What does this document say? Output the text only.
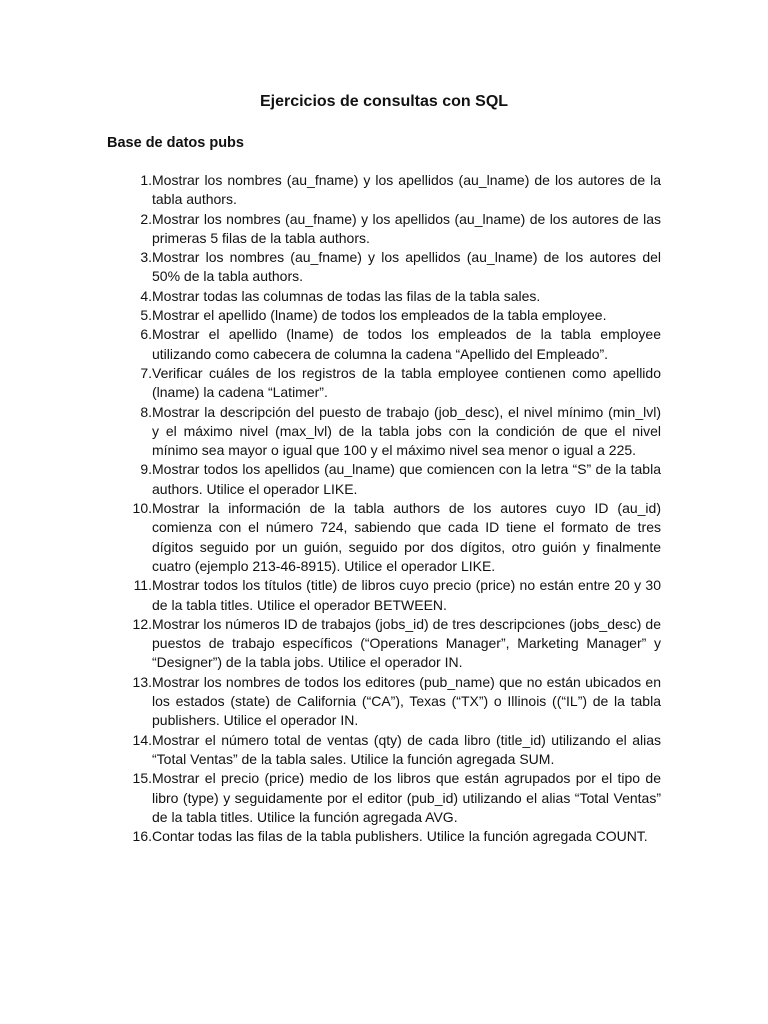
Ejercicios de consultas con SQL
Base de datos pubs
1. Mostrar los nombres (au_fname) y los apellidos (au_lname) de los autores de la tabla authors.
2. Mostrar los nombres (au_fname) y los apellidos (au_lname) de los autores de las primeras 5 filas de la tabla authors.
3. Mostrar los nombres (au_fname) y los apellidos (au_lname) de los autores del 50% de la tabla authors.
4. Mostrar todas las columnas de todas las filas de la tabla sales.
5. Mostrar el apellido (lname) de todos los empleados de la tabla employee.
6. Mostrar el apellido (lname) de todos los empleados de la tabla employee utilizando como cabecera de columna la cadena “Apellido del Empleado”.
7. Verificar cuáles de los registros de la tabla employee contienen como apellido (lname) la cadena “Latimer”.
8. Mostrar la descripción del puesto de trabajo (job_desc), el nivel mínimo (min_lvl) y el máximo nivel (max_lvl) de la tabla jobs con la condición de que el nivel mínimo sea mayor o igual que 100 y el máximo nivel sea menor o igual a 225.
9. Mostrar todos los apellidos (au_lname) que comiencen con la letra “S” de la tabla authors. Utilice el operador LIKE.
10. Mostrar la información de la tabla authors de los autores cuyo ID (au_id) comienza con el número 724, sabiendo que cada ID tiene el formato de tres dígitos seguido por un guión, seguido por dos dígitos, otro guión y finalmente cuatro (ejemplo 213-46-8915). Utilice el operador LIKE.
11. Mostrar todos los títulos (title) de libros cuyo precio (price) no están entre 20 y 30 de la tabla titles. Utilice el operador BETWEEN.
12. Mostrar los números ID de trabajos (jobs_id) de tres descripciones (jobs_desc) de puestos de trabajo específicos (“Operations Manager”, Marketing Manager” y “Designer”) de la tabla jobs. Utilice el operador IN.
13. Mostrar los nombres de todos los editores (pub_name) que no están ubicados en los estados (state) de California (“CA”), Texas (“TX”) o Illinois ((“IL”) de la tabla publishers. Utilice el operador IN.
14. Mostrar el número total de ventas (qty) de cada libro (title_id) utilizando el alias “Total Ventas” de la tabla sales. Utilice la función agregada SUM.
15. Mostrar el precio (price) medio de los libros que están agrupados por el tipo de libro (type) y seguidamente por el editor (pub_id) utilizando el alias “Total Ventas” de la tabla titles. Utilice la función agregada AVG.
16. Contar todas las filas de la tabla publishers. Utilice la función agregada COUNT.
